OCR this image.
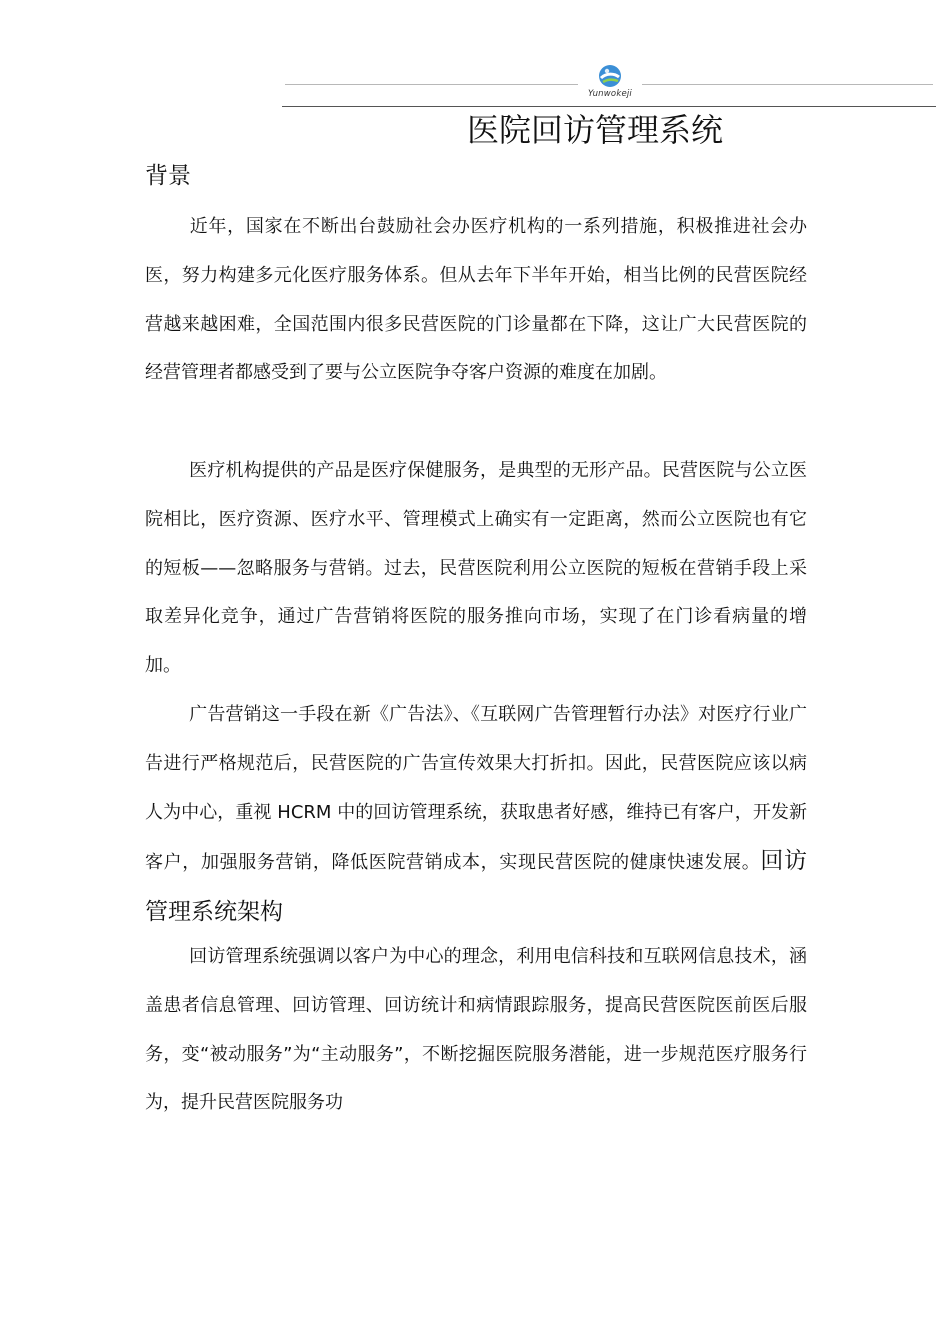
Yunwokeji
医院回访管理系统
背景

近年，国家在不断出台鼓励社会办医疗机构的一系列措施，积极推进社会办医，努力构建多元化医疗服务体系。但从去年下半年开始，相当比例的民营医院经营越来越困难，全国范围内很多民营医院的门诊量都在下降，这让广大民营医院的经营管理者都感受到了要与公立医院争夺客户资源的难度在加剧。

医疗机构提供的产品是医疗保健服务，是典型的无形产品。民营医院与公立医院相比，医疗资源、医疗水平、管理模式上确实有一定距离，然而公立医院也有它的短板——忽略服务与营销。过去，民营医院利用公立医院的短板在营销手段上采取差异化竞争，通过广告营销将医院的服务推向市场，实现了在门诊看病量的增加。

广告营销这一手段在新《广告法》、《互联网广告管理暂行办法》对医疗行业广告进行严格规范后，民营医院的广告宣传效果大打折扣。因此，民营医院应该以病人为中心，重视 HCRM 中的回访管理系统，获取患者好感，维持已有客户，开发新客户，加强服务营销，降低医院营销成本，实现民营医院的健康快速发展。回访管理系统架构

回访管理系统强调以客户为中心的理念，利用电信科技和互联网信息技术，涵盖患者信息管理、回访管理、回访统计和病情跟踪服务，提高民营医院医前医后服务，变“被动服务”为“主动服务”，不断挖掘医院服务潜能，进一步规范医疗服务行为，提升民营医院服务功
